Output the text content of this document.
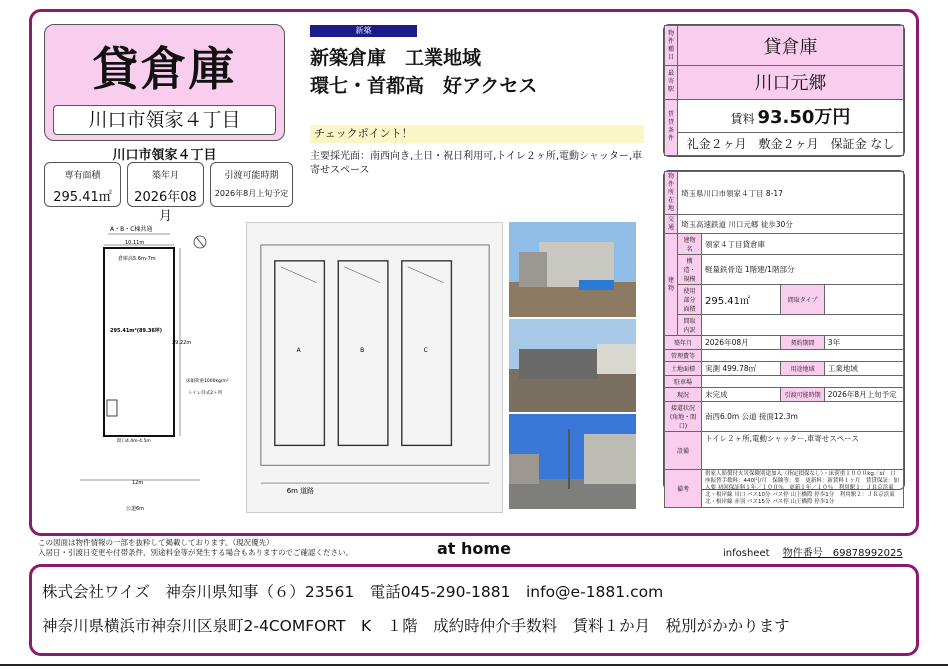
貸倉庫
川口市領家４丁目
川口市領家４丁目
専有面積
295.41㎡
築年月
2026年08月
引渡可能時期
2026年8月上旬予定
新築
新築倉庫　工業地域
環七・首都高　好アクセス
チェックポイント！
主要採光面：南西向き,土日・祝日利用可,トイレ２ヶ所,電動シャッター,車寄せスペース
A・B・C棟共通
10.11m
倉庫高5.6m-7m
295.41m²(89.36坪)
29.22m
床耐荷重1000kg/m²
トイレ洋式2ヶ所
間口4.4m-4.5m
12m
公道6m
A	B	C
6m 道路
物件種目	貸倉庫
最寄駅	川口元郷
賃貸条件	賃料 93.50万円
	礼金２ヶ月　敷金２ヶ月　保証金 なし
物件所在地	埼玉県川口市領家４丁目 8-17			
交通	埼玉高速鉄道 川口元郷 徒歩30分			
建物	建物名	領家４丁目貸倉庫		
	構造・規模	軽量鉄骨造 1階建/1階部分		
	使用部分面積	295.41㎡	間取タイプ	
	間取内訳			
築年月		2026年08月	契約期間	3年
管理費等				
土地面積		実測 499.78㎡	用途地域	工業地域
駐車場				
現況		未完成	引渡可能時期	2026年8月上旬予定
接道状況(角地・間口)		南西6.0m 公道 接面12.3m		
設備		トイレ２ヶ所,電動シャッター,車寄せスペース		
備考		借家人賠償付火災保険別途加入（指定損保なし）・床荷重１０００kg／㎡　口座振替手数料：440円/月　保険等：要　更新料：新賃料１ヶ月　賃貸保証：加入要 初回保証料１年／１００％　更新１年／１０％　利用駅１：ＪＲ京浜東北・根岸線 川口 バス10分 バス停 山王橋際 停歩1分　利用駅２：ＪＲ京浜東北・根岸線 赤羽 バス15分 バス停 山王橋際 停歩1分		
この図面は物件情報の一部を抜粋して掲載しております。（現況優先）
入居日・引渡日変更や付帯条件、別途料金等が発生する場合もありますのでご確認ください。	at home	infosheet 物件番号　69878992025
株式会社ワイズ　神奈川県知事（６）23561　電話045-290-1881　info@e-1881.com
神奈川県横浜市神奈川区泉町2-4COMFORT　K　１階　成約時仲介手数料　賃料１か月　税別がかかります
